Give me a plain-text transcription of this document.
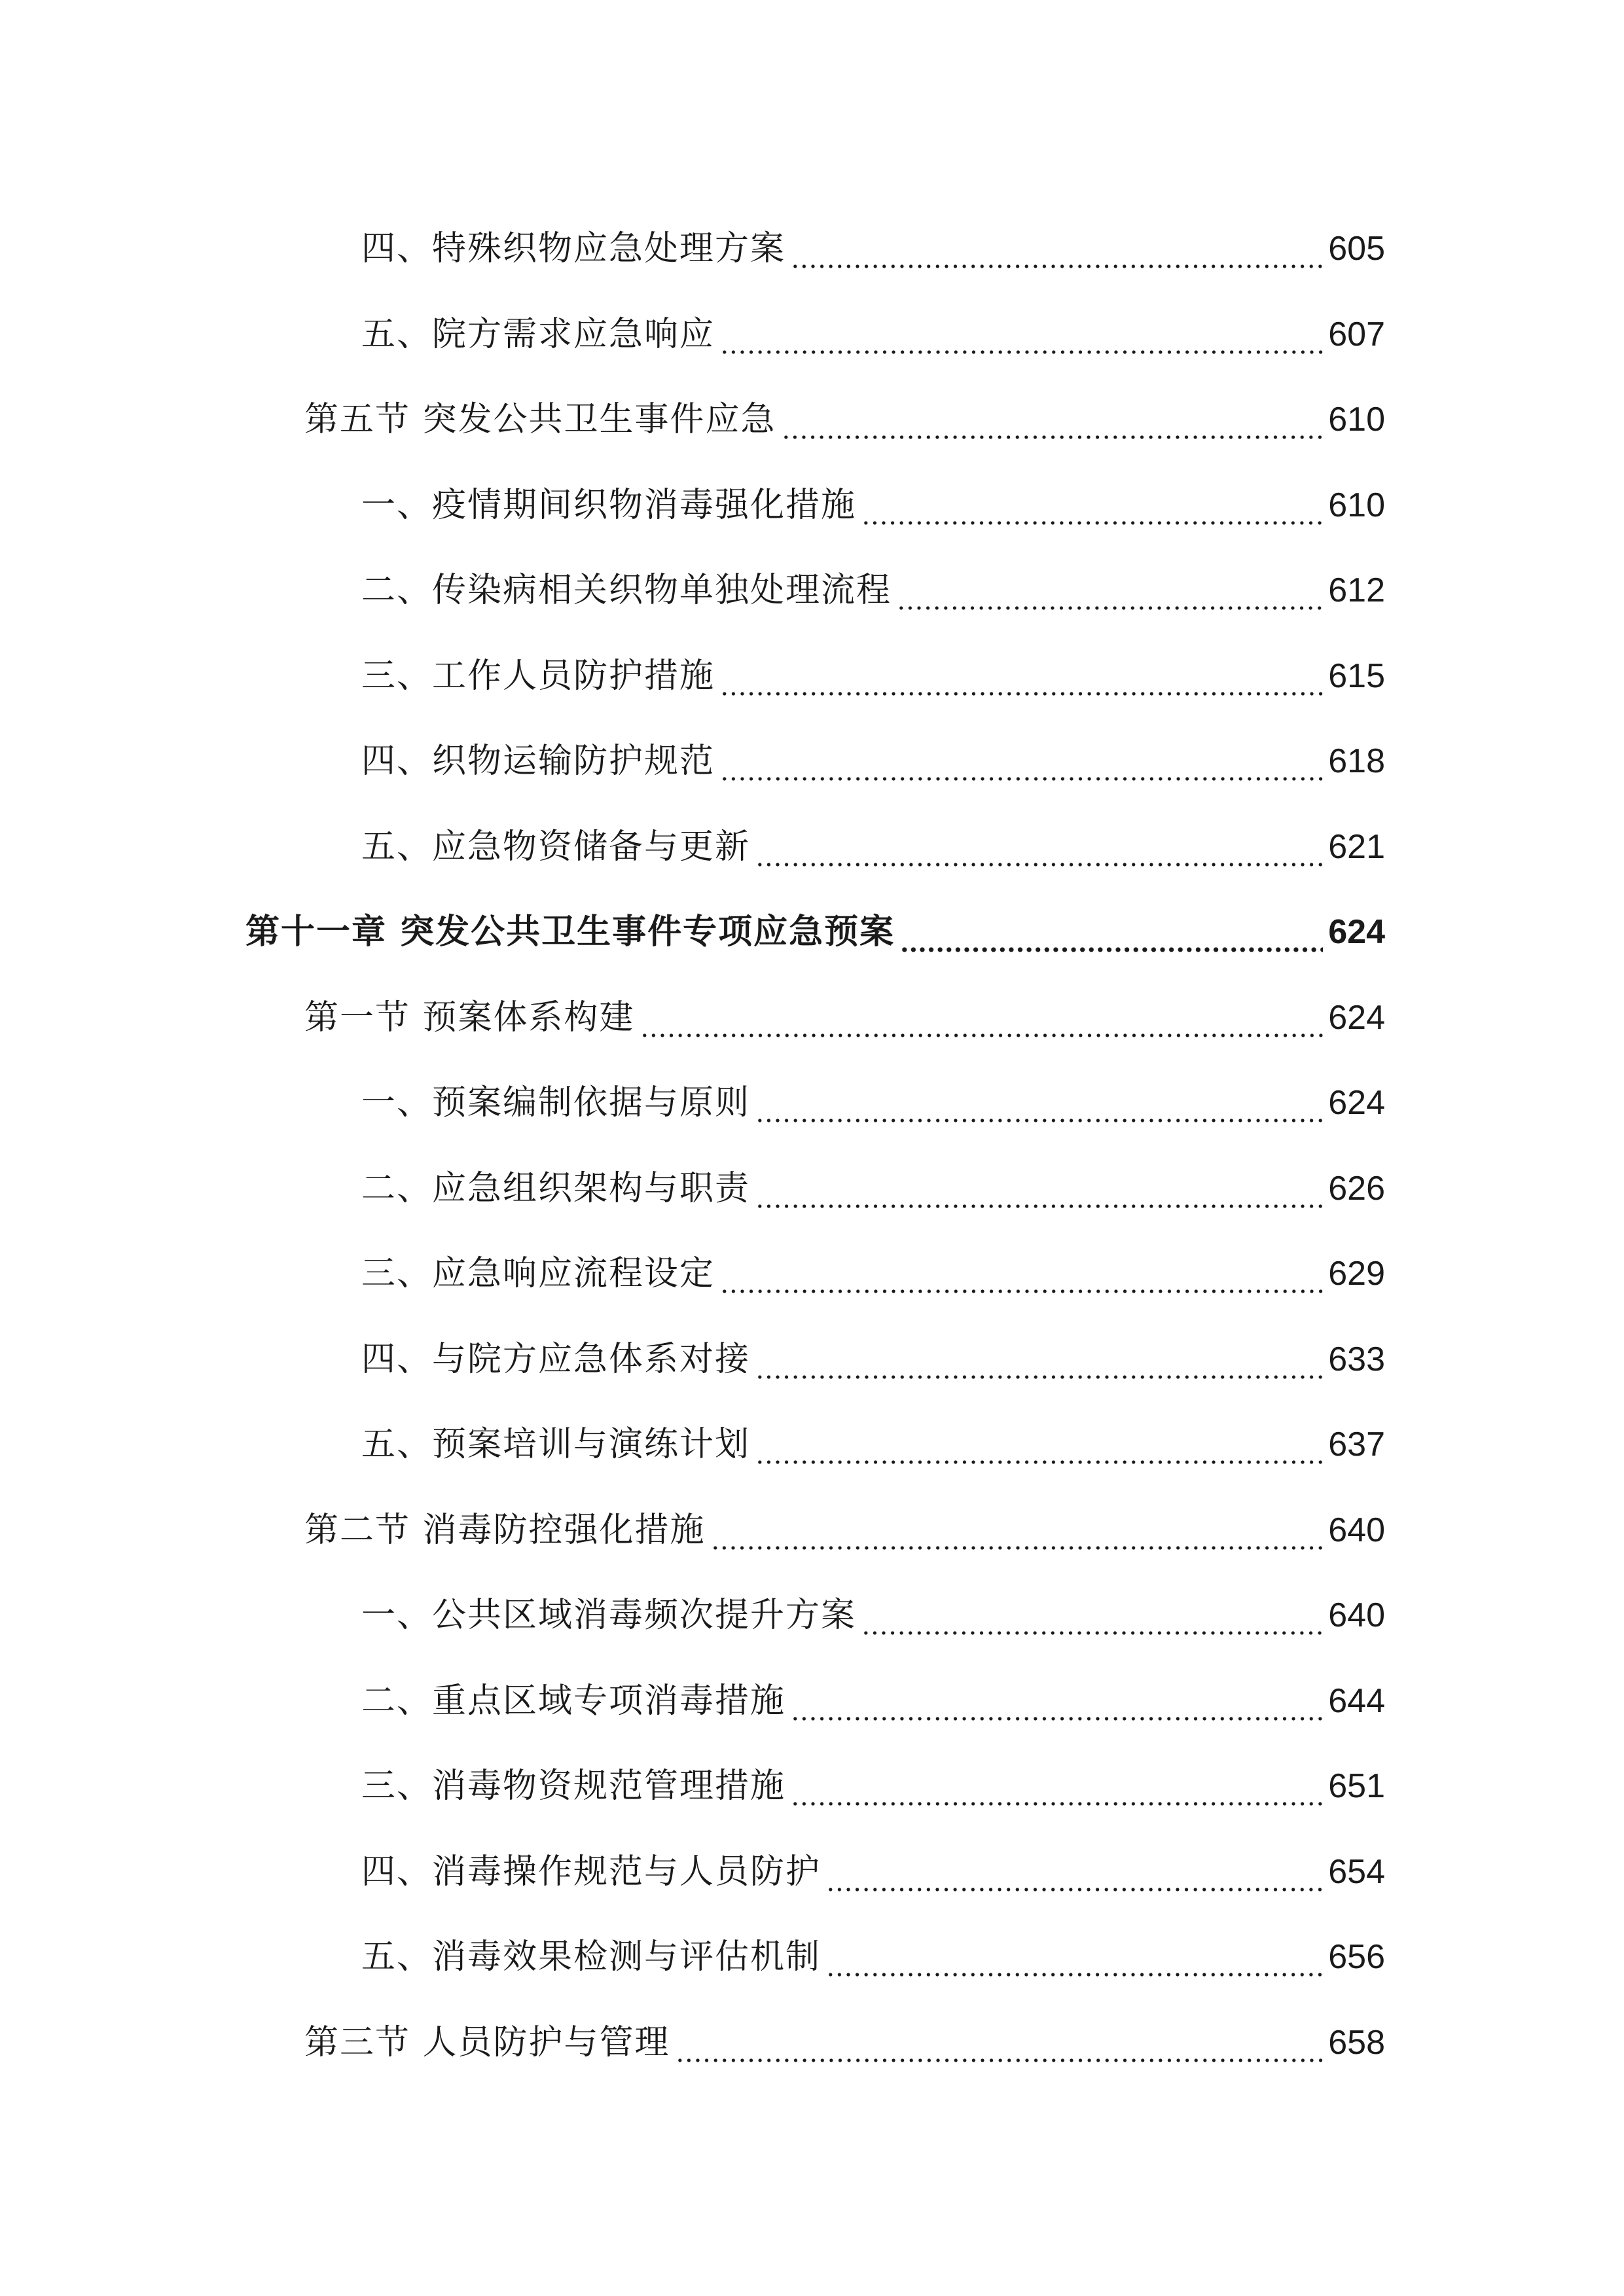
四、特殊织物应急处理方案	605
五、院方需求应急响应	607
第五节 突发公共卫生事件应急	610
一、疫情期间织物消毒强化措施	610
二、传染病相关织物单独处理流程	612
三、工作人员防护措施	615
四、织物运输防护规范	618
五、应急物资储备与更新	621
第十一章 突发公共卫生事件专项应急预案	624
第一节 预案体系构建	624
一、预案编制依据与原则	624
二、应急组织架构与职责	626
三、应急响应流程设定	629
四、与院方应急体系对接	633
五、预案培训与演练计划	637
第二节 消毒防控强化措施	640
一、公共区域消毒频次提升方案	640
二、重点区域专项消毒措施	644
三、消毒物资规范管理措施	651
四、消毒操作规范与人员防护	654
五、消毒效果检测与评估机制	656
第三节 人员防护与管理	658
